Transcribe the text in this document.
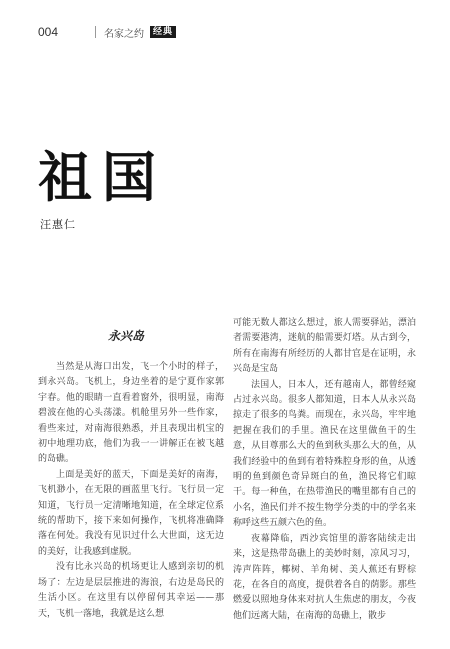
004	名家之约	经典
祖国
汪惠仁
永兴岛

当然是从海口出发，飞一个小时的样子，到永兴岛。飞机上，身边坐着的是宁夏作家郭宇春。他的眼睛一直看着窗外，很明显，南海碧波在他的心头荡漾。机舱里另外一些作家，看些来过，对南海很熟悉，并且表现出机宝的初中地理功底，他们为我一一讲解正在被飞越的岛礁。

上面是美好的蓝天，下面是美好的南海，飞机渺小，在无限的画蓝里飞行。飞行员一定知道，飞行员一定清晰地知道，在全球定位系统的帮助下，接下来如何操作，飞机将准确降落在何处。我没有见识过什么大世面，这无边的美好，让我感到虚脱。

没有比永兴岛的机场更让人感到亲切的机场了：左边是层层推进的海浪，右边是岛民的生活小区。在这里有以停留何其幸运——那天，飞机一落地，我就是这么想

可能无数人都这么想过，旅人需要驿站，漂泊者需要港湾，迷航的船需要灯塔。从古到今，所有在南海有所经历的人都甘官是在证明，永兴岛是宝岛

法国人，日本人，还有越南人，都曾经窥占过永兴岛。很多人都知道，日本人从永兴岛掠走了很多的鸟粪。而现在，永兴岛，牢牢地把握在我们的手里。渔民在这里做鱼干的生意，从目尊那么大的鱼到秋头那么大的鱼，从我们经验中的鱼到有着特殊腔身形的鱼，从透明的鱼到颜色奇异斑白的鱼，渔民将它们晾干。每一种鱼，在热带渔民的嘴里都有自己的小名，渔民们并不按生物学分类的中的学名来称呼这些五颜六色的鱼。

夜幕降临，西沙宾馆里的游客陆续走出来，这是热带岛礁上的美妙时刻，凉风习习，涛声阵阵，椰树、羊角树、美人蕉还有野棕花，在各自的高度，提供着各自的荫影。那些燃爱以照地身体来对抗人生焦虑的朋友，今夜他们远离大陆，在南海的岛礁上，散步
